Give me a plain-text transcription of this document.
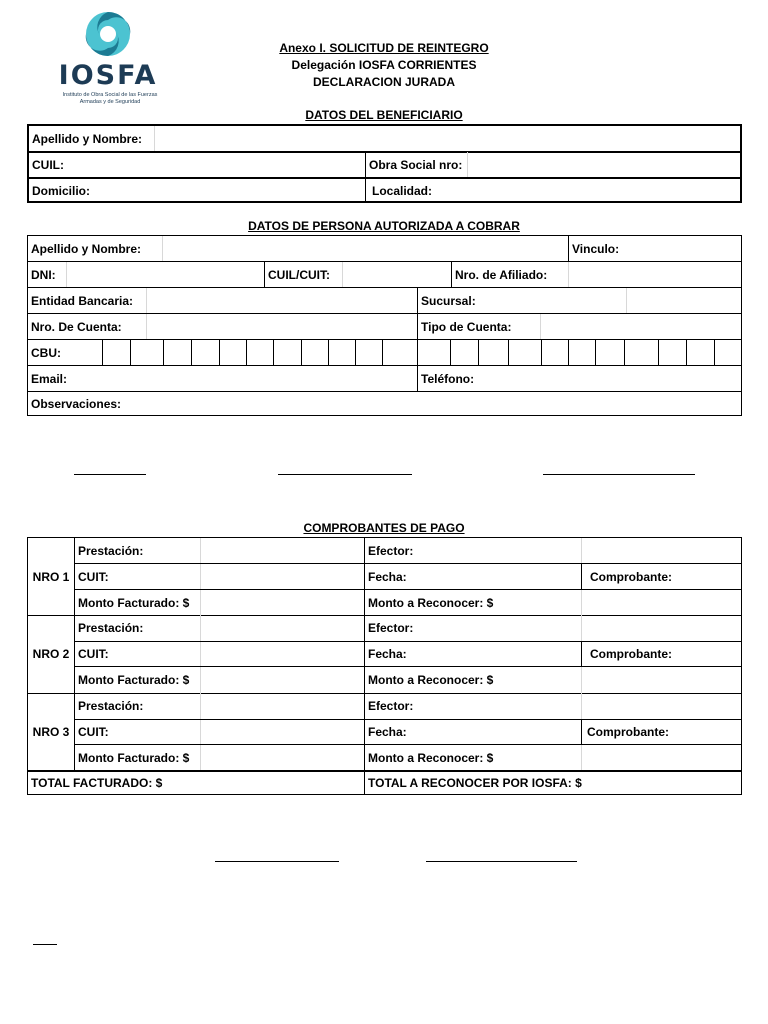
IOSFA
Instituto de Obra Social de las Fuerzas Armadas y de Seguridad
Anexo I. SOLICITUD DE REINTEGRO
Delegación IOSFA CORRIENTES
DECLARACION JURADA
DATOS DEL BENEFICIARIO
Apellido y Nombre:
CUIL:	Obra Social nro:
Domicilio:	Localidad:
DATOS DE PERSONA AUTORIZADA A COBRAR
Apellido y Nombre:	Vinculo:
DNI:	CUIL/CUIT:	Nro. de Afiliado:
Entidad Bancaria:	Sucursal:
Nro. De Cuenta:	Tipo de Cuenta:
CBU:
Email:	Teléfono:
Observaciones:
COMPROBANTES DE PAGO
NRO 1
Prestación:	Efector:
CUIT:	Fecha:	Comprobante:
Monto Facturado: $	Monto a Reconocer: $
NRO 2
Prestación:	Efector:
CUIT:	Fecha:	Comprobante:
Monto Facturado: $	Monto a Reconocer: $
NRO 3
Prestación:	Efector:
CUIT:	Fecha:	Comprobante:
Monto Facturado: $	Monto a Reconocer: $
TOTAL FACTURADO: $	TOTAL A RECONOCER POR IOSFA: $
